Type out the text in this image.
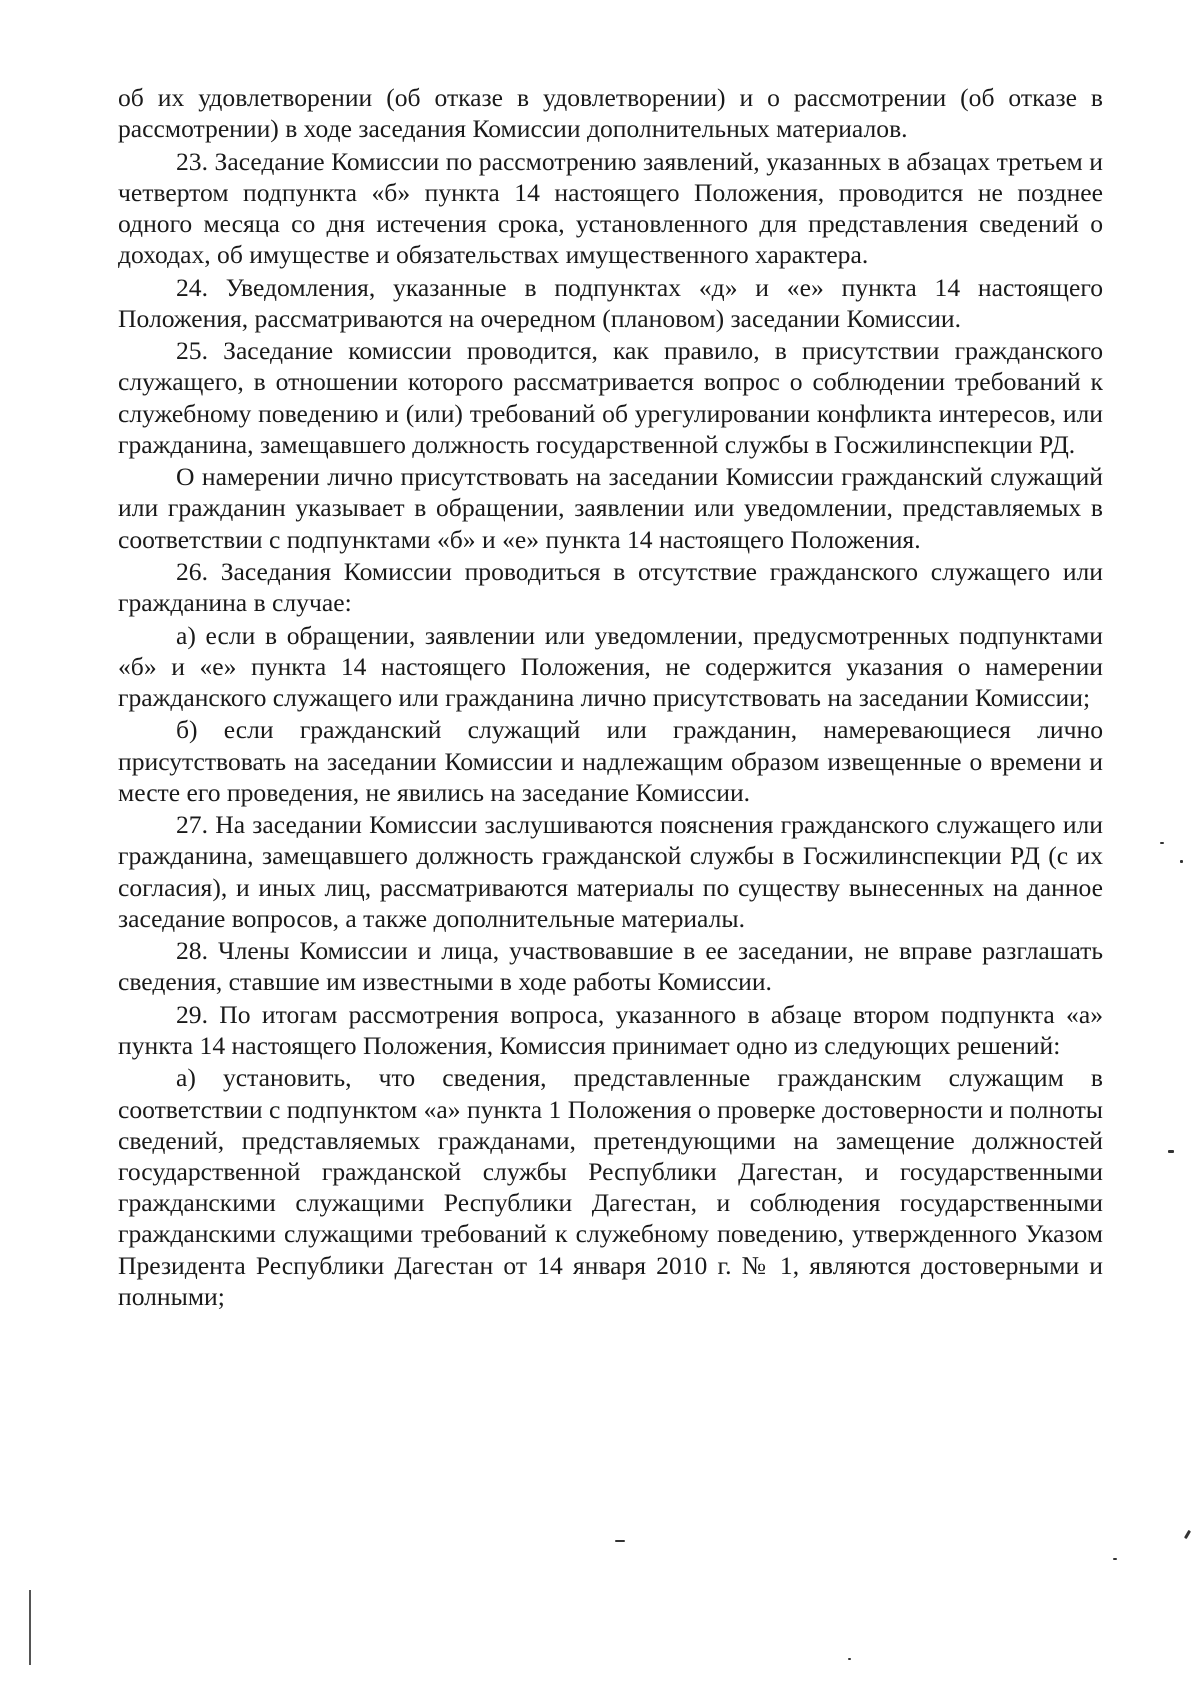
об их удовлетворении (об отказе в удовлетворении) и о рассмотрении (об отказе в рассмотрении) в ходе заседания Комиссии дополнительных материалов.

23. Заседание Комиссии по рассмотрению заявлений, указанных в абзацах третьем и четвертом подпункта «б» пункта 14 настоящего Положения, проводится не позднее одного месяца со дня истечения срока, установленного для представления сведений о доходах, об имуществе и обязательствах имущественного характера.

24. Уведомления, указанные в подпунктах «д» и «е» пункта 14 настоящего Положения, рассматриваются на очередном (плановом) заседании Комиссии.

25. Заседание комиссии проводится, как правило, в присутствии гражданского служащего, в отношении которого рассматривается вопрос о соблюдении требований к служебному поведению и (или) требований об урегулировании конфликта интересов, или гражданина, замещавшего должность государственной службы в Госжилинспекции РД.

О намерении лично присутствовать на заседании Комиссии гражданский служащий или гражданин указывает в обращении, заявлении или уведомлении, представляемых в соответствии с подпунктами «б» и «е» пункта 14 настоящего Положения.

26. Заседания Комиссии проводиться в отсутствие гражданского служащего или гражданина в случае:

а) если в обращении, заявлении или уведомлении, предусмотренных подпунктами «б» и «е» пункта 14 настоящего Положения, не содержится указания о намерении гражданского служащего или гражданина лично присутствовать на заседании Комиссии;

б) если гражданский служащий или гражданин, намеревающиеся лично присутствовать на заседании Комиссии и надлежащим образом извещенные о времени и месте его проведения, не явились на заседание Комиссии.

27. На заседании Комиссии заслушиваются пояснения гражданского служащего или гражданина, замещавшего должность гражданской службы в Госжилинспекции РД (с их согласия), и иных лиц, рассматриваются материалы по существу вынесенных на данное заседание вопросов, а также дополнительные материалы.

28. Члены Комиссии и лица, участвовавшие в ее заседании, не вправе разглашать сведения, ставшие им известными в ходе работы Комиссии.

29. По итогам рассмотрения вопроса, указанного в абзаце втором подпункта «а» пункта 14 настоящего Положения, Комиссия принимает одно из следующих решений:

а) установить, что сведения, представленные гражданским служащим в соответствии с подпунктом «а» пункта 1 Положения о проверке достоверности и полноты сведений, представляемых гражданами, претендующими на замещение должностей государственной гражданской службы Республики Дагестан, и государственными гражданскими служащими Республики Дагестан, и соблюдения государственными гражданскими служащими требований к служебному поведению, утвержденного Указом Президента Республики Дагестан от 14 января 2010 г. № 1, являются достоверными и полными;
